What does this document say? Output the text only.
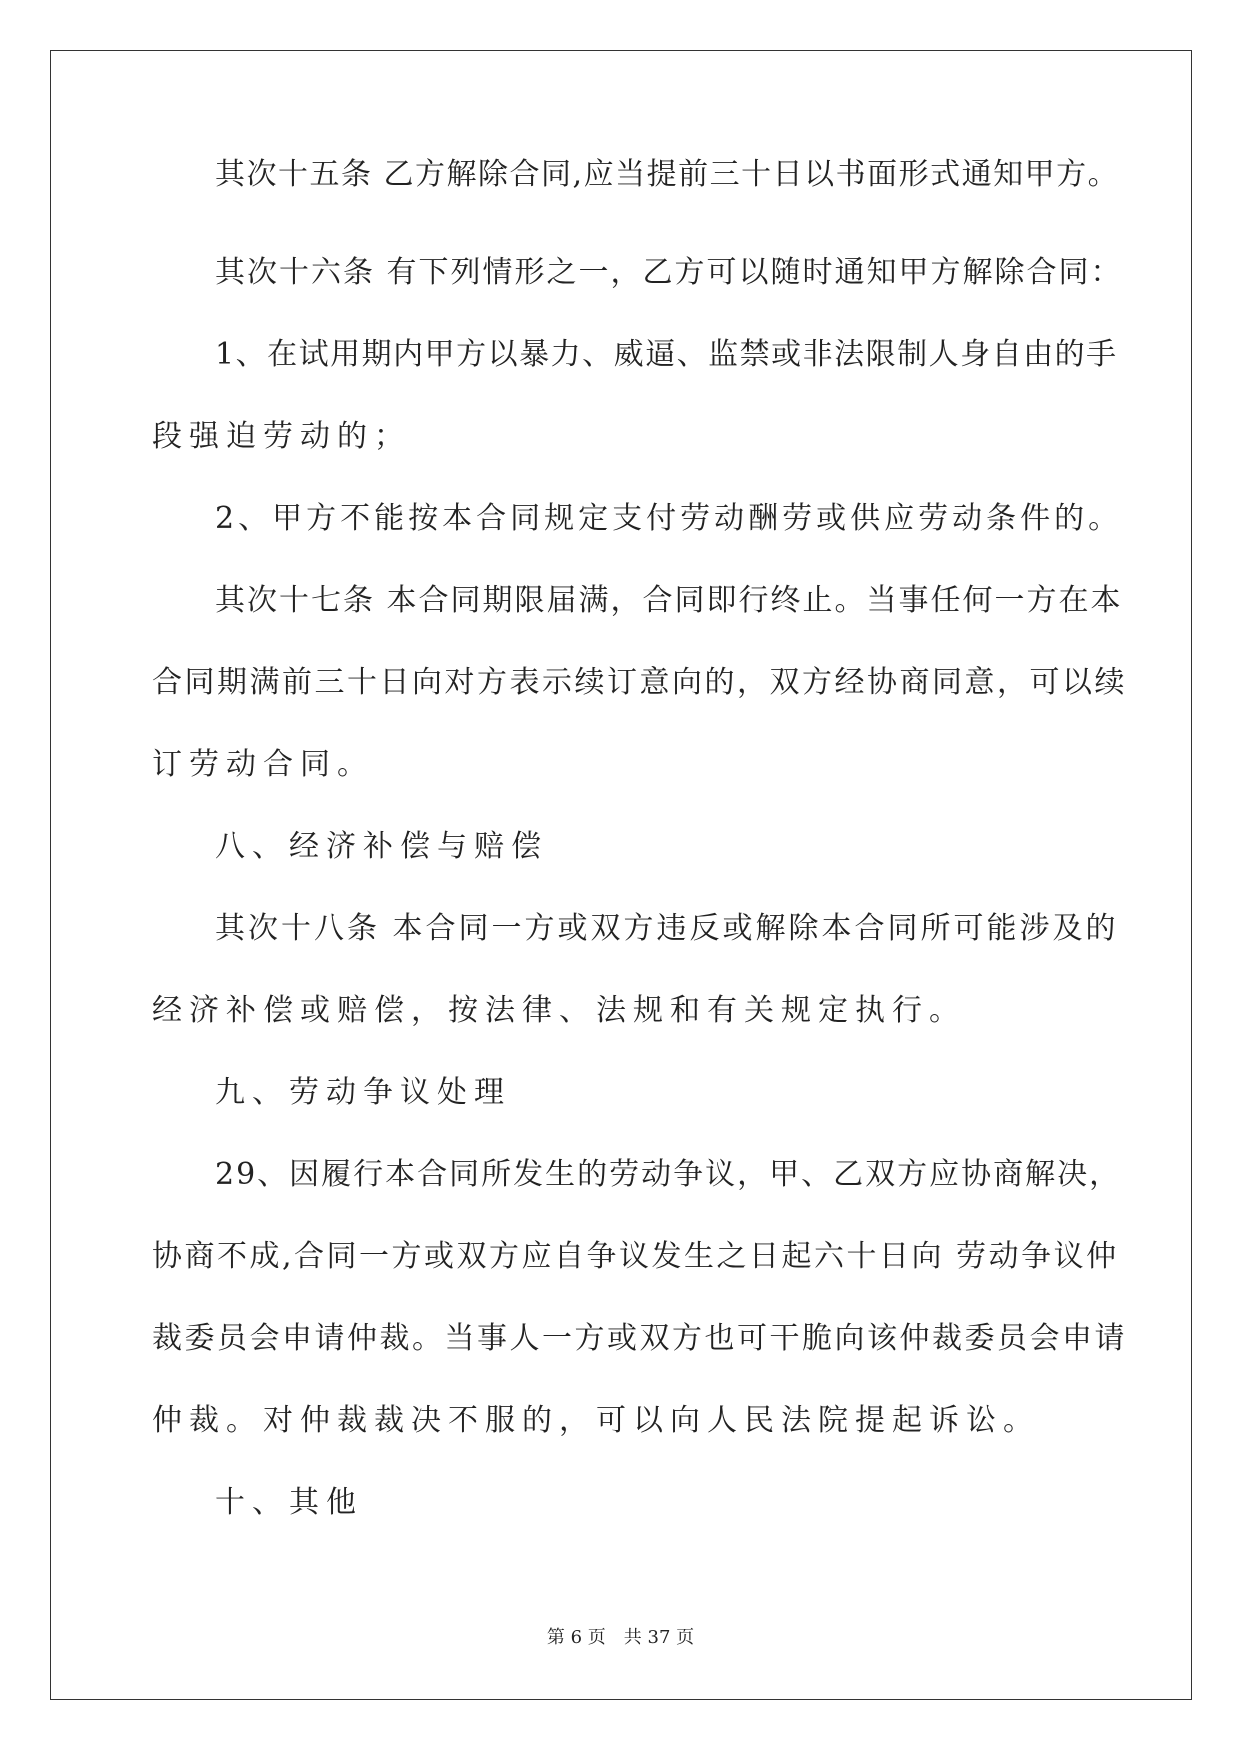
其次十五条 乙方解除合同,应当提前三十日以书面形式通知甲方。
其次十六条 有下列情形之一，乙方可以随时通知甲方解除合同：
1、在试用期内甲方以暴力、威逼、监禁或非法限制人身自由的手
段强迫劳动的；
2、甲方不能按本合同规定支付劳动酬劳或供应劳动条件的。
其次十七条 本合同期限届满，合同即行终止。当事任何一方在本
合同期满前三十日向对方表示续订意向的，双方经协商同意，可以续
订劳动合同。
八、经济补偿与赔偿
其次十八条 本合同一方或双方违反或解除本合同所可能涉及的
经济补偿或赔偿，按法律、法规和有关规定执行。
九、劳动争议处理
29、因履行本合同所发生的劳动争议，甲、乙双方应协商解决，
协商不成,合同一方或双方应自争议发生之日起六十日向 劳动争议仲
裁委员会申请仲裁。当事人一方或双方也可干脆向该仲裁委员会申请
仲裁。对仲裁裁决不服的，可以向人民法院提起诉讼。
十、其他
第 6 页 共 37 页
